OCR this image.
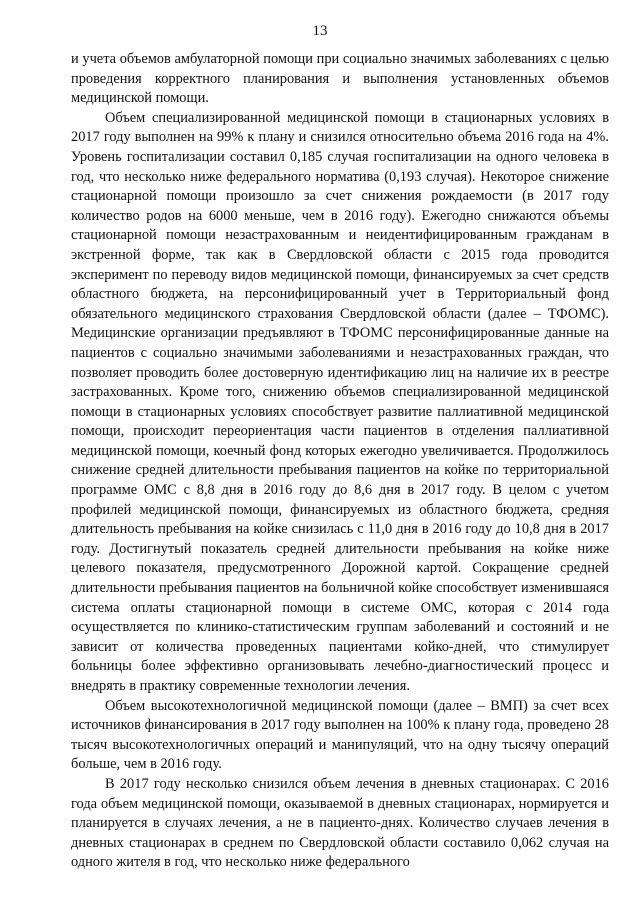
13

и учета объемов амбулаторной помощи при социально значимых заболеваниях с целью проведения корректного планирования и выполнения установленных объемов медицинской помощи.

Объем специализированной медицинской помощи в стационарных условиях в 2017 году выполнен на 99% к плану и снизился относительно объема 2016 года на 4%. Уровень госпитализации составил 0,185 случая госпитализации на одного человека в год, что несколько ниже федерального норматива (0,193 случая). Некоторое снижение стационарной помощи произошло за счет снижения рождаемости (в 2017 году количество родов на 6000 меньше, чем в 2016 году). Ежегодно снижаются объемы стационарной помощи незастрахованным и неидентифицированным гражданам в экстренной форме, так как в Свердловской области с 2015 года проводится эксперимент по переводу видов медицинской помощи, финансируемых за счет средств областного бюджета, на персонифицированный учет в Территориальный фонд обязательного медицинского страхования Свердловской области (далее – ТФОМС). Медицинские организации предъявляют в ТФОМС персонифицированные данные на пациентов с социально значимыми заболеваниями и незастрахованных граждан, что позволяет проводить более достоверную идентификацию лиц на наличие их в реестре застрахованных. Кроме того, снижению объемов специализированной медицинской помощи в стационарных условиях способствует развитие паллиативной медицинской помощи, происходит переориентация части пациентов в отделения паллиативной медицинской помощи, коечный фонд которых ежегодно увеличивается. Продолжилось снижение средней длительности пребывания пациентов на койке по территориальной программе ОМС с 8,8 дня в 2016 году до 8,6 дня в 2017 году. В целом с учетом профилей медицинской помощи, финансируемых из областного бюджета, средняя длительность пребывания на койке снизилась с 11,0 дня в 2016 году до 10,8 дня в 2017 году. Достигнутый показатель средней длительности пребывания на койке ниже целевого показателя, предусмотренного Дорожной картой. Сокращение средней длительности пребывания пациентов на больничной койке способствует изменившаяся система оплаты стационарной помощи в системе ОМС, которая с 2014 года осуществляется по клинико-статистическим группам заболеваний и состояний и не зависит от количества проведенных пациентами койко-дней, что стимулирует больницы более эффективно организовывать лечебно-диагностический процесс и внедрять в практику современные технологии лечения.

Объем высокотехнологичной медицинской помощи (далее – ВМП) за счет всех источников финансирования в 2017 году выполнен на 100% к плану года, проведено 28 тысяч высокотехнологичных операций и манипуляций, что на одну тысячу операций больше, чем в 2016 году.

В 2017 году несколько снизился объем лечения в дневных стационарах. С 2016 года объем медицинской помощи, оказываемой в дневных стационарах, нормируется и планируется в случаях лечения, а не в пациенто-днях. Количество случаев лечения в дневных стационарах в среднем по Свердловской области составило 0,062 случая на одного жителя в год, что несколько ниже федерального
